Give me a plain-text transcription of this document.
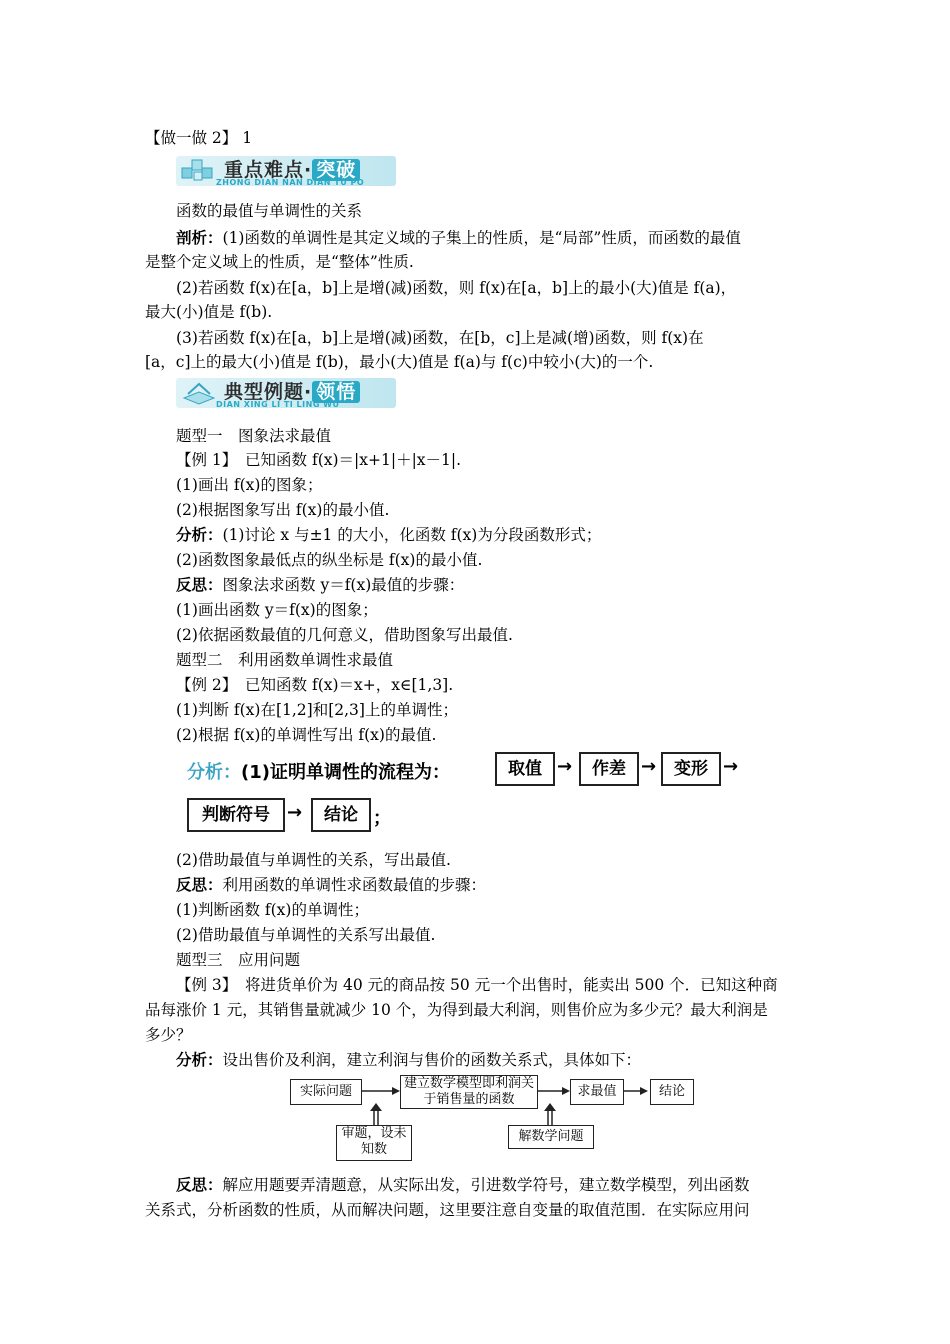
【做一做 2】 1
重点难点· 突破
ZHONG DIAN NAN DIAN TU PO
函数的最值与单调性的关系
剖析：(1)函数的单调性是其定义域的子集上的性质，是“局部”性质，而函数的最值
是整个定义域上的性质，是“整体”性质.
(2)若函数 f(x)在[a，b]上是增(减)函数，则 f(x)在[a，b]上的最小(大)值是 f(a)，
最大(小)值是 f(b).
(3)若函数 f(x)在[a，b]上是增(减)函数，在[b，c]上是减(增)函数，则 f(x)在
[a，c]上的最大(小)值是 f(b)，最小(大)值是 f(a)与 f(c)中较小(大)的一个.
典型例题· 领悟
DIAN XING LI TI LING WU
题型一　图象法求最值
【例 1】　已知函数 f(x)＝|x+1|＋|x－1|.
(1)画出 f(x)的图象；
(2)根据图象写出 f(x)的最小值.
分析：(1)讨论 x 与±1 的大小，化函数 f(x)为分段函数形式；
(2)函数图象最低点的纵坐标是 f(x)的最小值.
反思：图象法求函数 y＝f(x)最值的步骤：
(1)画出函数 y＝f(x)的图象；
(2)依据函数最值的几何意义，借助图象写出最值.
题型二　利用函数单调性求最值
【例 2】　已知函数 f(x)＝x+，x∈[1,3].
(1)判断 f(x)在[1,2]和[2,3]上的单调性；
(2)根据 f(x)的单调性写出 f(x)的最值.
分析：(1)证明单调性的流程为：	取值 →	作差 →	变形 →
判断符号 →	结论 ；
(2)借助最值与单调性的关系，写出最值.
反思：利用函数的单调性求函数最值的步骤：
(1)判断函数 f(x)的单调性；
(2)借助最值与单调性的关系写出最值.
题型三　应用问题
【例 3】　将进货单价为 40 元的商品按 50 元一个出售时，能卖出 500 个．已知这种商
品每涨价 1 元，其销售量就减少 10 个，为得到最大利润，则售价应为多少元？最大利润是
多少？
分析：设出售价及利润，建立利润与售价的函数关系式，具体如下：
实际问题
建立数学模型即利润关于销售量的函数
求最值	结论
审题，设未知数
解数学问题
反思：解应用题要弄清题意，从实际出发，引进数学符号，建立数学模型，列出函数
关系式，分析函数的性质，从而解决问题，这里要注意自变量的取值范围．在实际应用问
